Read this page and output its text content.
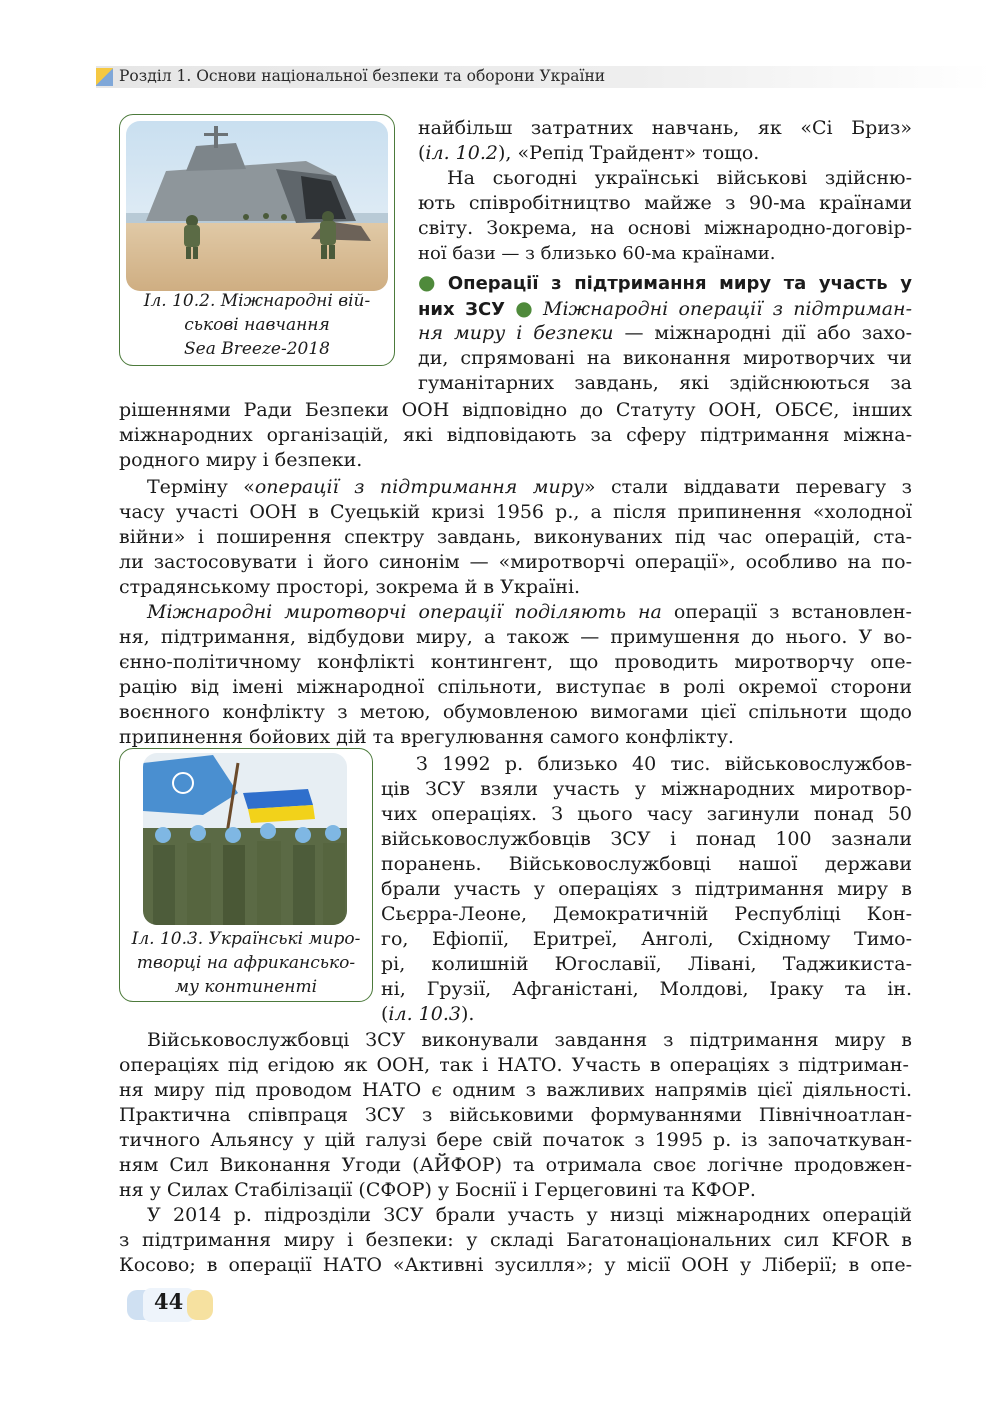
Розділ 1. Основи національної безпеки та оборони України
Іл. 10.2. Міжнародні вій-
ськові навчання
Sea Breeze-2018
Іл. 10.3. Українські миро-
творці на африкансько-
му континенті
найбільш затратних навчань, як «Сі Бриз»
(іл. 10.2), «Репід Трайдент» тощо.
На сьогодні українські військові здійсню-
ють співробітництво майже з 90-ма країнами
світу. Зокрема, на основі міжнародно-договір-
ної бази — з близько 60-ма країнами.
● Операції з підтримання миру та участь у
них ЗСУ ● Міжнародні операції з підтриман-
ня миру і безпеки — міжнародні дії або захо-
ди, спрямовані на виконання миротворчих чи
гуманітарних завдань, які здійснюються за
рішеннями Ради Безпеки ООН відповідно до Статуту ООН, ОБСЄ, інших
міжнародних організацій, які відповідають за сферу підтримання міжна-
родного миру і безпеки.
Терміну «операції з підтримання миру» стали віддавати перевагу з
часу участі ООН в Суецькій кризі 1956 р., а після припинення «холодної
війни» і поширення спектру завдань, виконуваних під час операцій, ста-
ли застосовувати і його синонім — «миротворчі операції», особливо на по-
страдянському просторі, зокрема й в Україні.
Міжнародні миротворчі операції поділяють на операції з встановлен-
ня, підтримання, відбудови миру, а також — примушення до нього. У во-
єнно-політичному конфлікті контингент, що проводить миротворчу опе-
рацію від імені міжнародної спільноти, виступає в ролі окремої сторони
воєнного конфлікту з метою, обумовленою вимогами цієї спільноти щодо
припинення бойових дій та врегулювання самого конфлікту.
З 1992 р. близько 40 тис. військовослужбов-
ців ЗСУ взяли участь у міжнародних миротвор-
чих операціях. З цього часу загинули понад 50
військовослужбовців ЗСУ і понад 100 зазнали
поранень. Військовослужбовці нашої держави
брали участь у операціях з підтримання миру в
Сьєрра-Леоне, Демократичній Республіці Кон-
го, Ефіопії, Еритреї, Анголі, Східному Тимо-
рі, колишній Югославії, Лівані, Таджикиста-
ні, Грузії, Афганістані, Молдові, Іраку та ін.
(іл. 10.3).
Військовослужбовці ЗСУ виконували завдання з підтримання миру в
операціях під егідою як ООН, так і НАТО. Участь в операціях з підтриман-
ня миру під проводом НАТО є одним з важливих напрямів цієї діяльності.
Практична співпраця ЗСУ з військовими формуваннями Північноатлан-
тичного Альянсу у цій галузі бере свій початок з 1995 р. із започаткуван-
ням Сил Виконання Угоди (АЙФОР) та отримала своє логічне продовжен-
ня у Силах Стабілізації (СФОР) у Боснії і Герцеговині та КФОР.
У 2014 р. підрозділи ЗСУ брали участь у низці міжнародних операцій
з підтримання миру і безпеки: у складі Багатонаціональних сил KFOR в
Косово; в операції НАТО «Активні зусилля»; у місії ООН у Ліберії; в опе-
44
